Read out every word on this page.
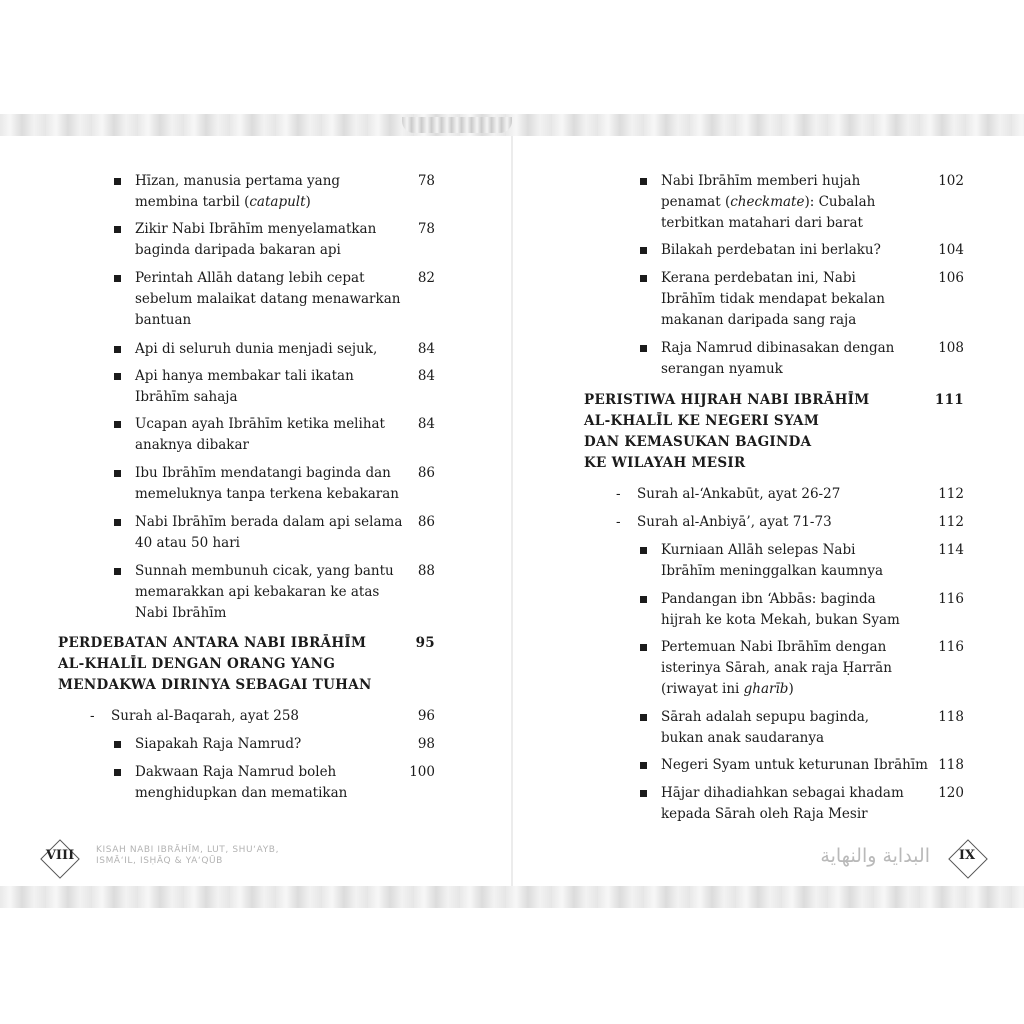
Hīzan, manusia pertama yang
membina tarbil (catapult)
78
Zikir Nabi Ibrāhīm menyelamatkan
baginda daripada bakaran api
78
Perintah Allāh datang lebih cepat
sebelum malaikat datang menawarkan
bantuan
82
Api di seluruh dunia menjadi sejuk,	84
Api hanya membakar tali ikatan
Ibrāhīm sahaja
84
Ucapan ayah Ibrāhīm ketika melihat
anaknya dibakar
84
Ibu Ibrāhīm mendatangi baginda dan
memeluknya tanpa terkena kebakaran
86
Nabi Ibrāhīm berada dalam api selama
40 atau 50 hari
86
Sunnah membunuh cicak, yang bantu
memarakkan api kebakaran ke atas
Nabi Ibrāhīm
88
PERDEBATAN ANTARA NABI IBRĀHĪM
AL-KHALĪL DENGAN ORANG YANG
MENDAKWA DIRINYA SEBAGAI TUHAN
95
- Surah al-Baqarah, ayat 258	96
Siapakah Raja Namrud?	98
Dakwaan Raja Namrud boleh
menghidupkan dan mematikan
100
Nabi Ibrāhīm memberi hujah
penamat (checkmate): Cubalah
terbitkan matahari dari barat
102
Bilakah perdebatan ini berlaku?	104
Kerana perdebatan ini, Nabi
Ibrāhīm tidak mendapat bekalan
makanan daripada sang raja
106
Raja Namrud dibinasakan dengan
serangan nyamuk
108
PERISTIWA HIJRAH NABI IBRĀHĪM
AL-KHALĪL KE NEGERI SYAM
DAN KEMASUKAN BAGINDA
KE WILAYAH MESIR
111
- Surah al-‘Ankabūt, ayat 26-27	112
- Surah al-Anbiyā’, ayat 71-73	112
Kurniaan Allāh selepas Nabi
Ibrāhīm meninggalkan kaumnya
114
Pandangan ibn ‘Abbās: baginda
hijrah ke kota Mekah, bukan Syam
116
Pertemuan Nabi Ibrāhīm dengan
isterinya Sārah, anak raja Ḥarrān
(riwayat ini gharīb)
116
Sārah adalah sepupu baginda,
bukan anak saudaranya
118
Negeri Syam untuk keturunan Ibrāhīm 118
Hājar dihadiahkan sebagai khadam
kepada Sārah oleh Raja Mesir
120
VIII	KISAH NABI IBRĀHĪM, LUT, SHU‘AYB,
ISMĀ‘IL, ISḤĀQ & YA‘QŪB	البداية والنهاية	IX
